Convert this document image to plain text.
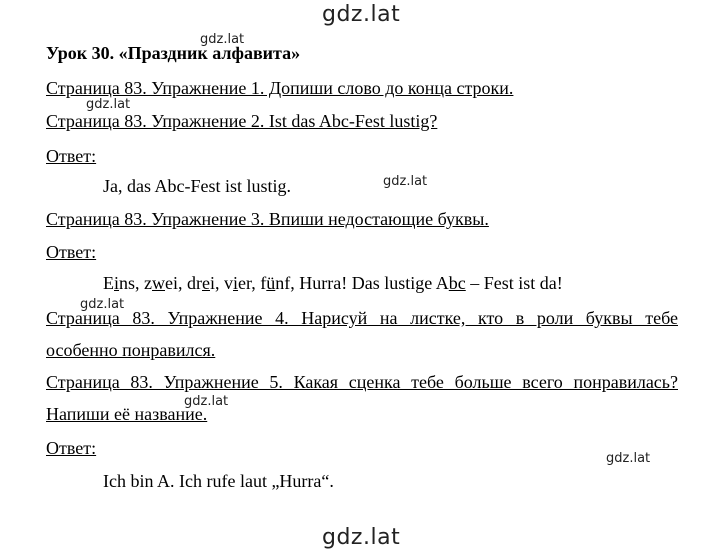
gdz.lat
gdz.lat
gdz.lat
gdz.lat
gdz.lat
gdz.lat
gdz.lat
gdz.lat
Урок 30. «Праздник алфавита»
Страница 83. Упражнение 1. Допиши слово до конца строки.
Страница 83. Упражнение 2. Ist das Abc-Fest lustig?
Ответ:
Ja, das Abc-Fest ist lustig.
Страница 83. Упражнение 3. Впиши недостающие буквы.
Ответ:
Eins, zwei, drei, vier, fünf, Hurra! Das lustige Abc – Fest ist da!
Страница 83. Упражнение 4. Нарисуй на листке, кто в роли буквы тебе
особенно понравился.
Страница 83. Упражнение 5. Какая сценка тебе больше всего понравилась?
Напиши её название.
Ответ:
Ich bin A. Ich rufe laut „Hurra“.
